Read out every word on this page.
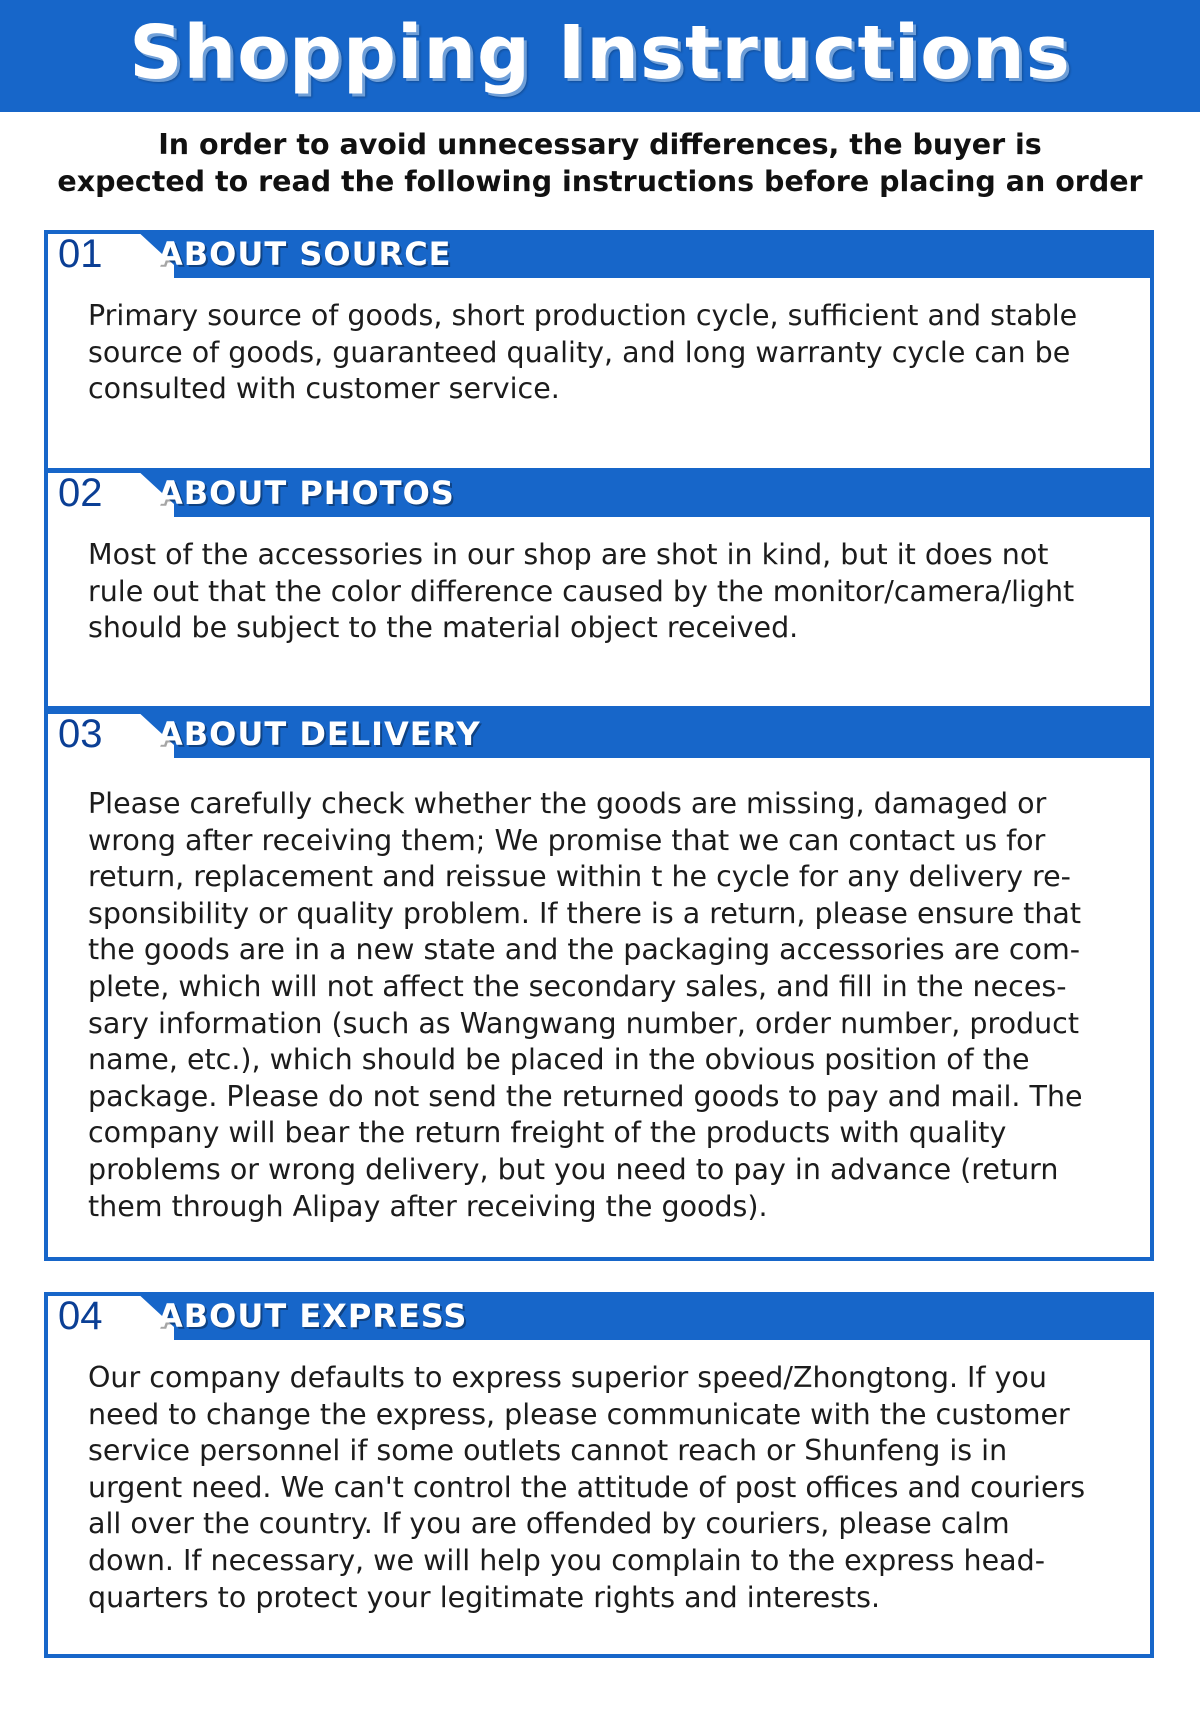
Shopping Instructions
In order to avoid unnecessary differences, the buyer is
expected to read the following instructions before placing an order
01 ABOUT SOURCE
Primary source of goods, short production cycle, sufficient and stable
source of goods, guaranteed quality, and long warranty cycle can be
consulted with customer service.
02 ABOUT PHOTOS
Most of the accessories in our shop are shot in kind, but it does not
rule out that the color difference caused by the monitor/camera/light
should be subject to the material object received.
03 ABOUT DELIVERY
Please carefully check whether the goods are missing, damaged or
wrong after receiving them; We promise that we can contact us for
return, replacement and reissue within t he cycle for any delivery re-
sponsibility or quality problem. If there is a return, please ensure that
the goods are in a new state and the packaging accessories are com-
plete, which will not affect the secondary sales, and fill in the neces-
sary information (such as Wangwang number, order number, product
name, etc.), which should be placed in the obvious position of the
package. Please do not send the returned goods to pay and mail. The
company will bear the return freight of the products with quality
problems or wrong delivery, but you need to pay in advance (return
them through Alipay after receiving the goods).
04 ABOUT EXPRESS
Our company defaults to express superior speed/Zhongtong. If you
need to change the express, please communicate with the customer
service personnel if some outlets cannot reach or Shunfeng is in
urgent need. We can't control the attitude of post offices and couriers
all over the country. If you are offended by couriers, please calm
down. If necessary, we will help you complain to the express head-
quarters to protect your legitimate rights and interests.
